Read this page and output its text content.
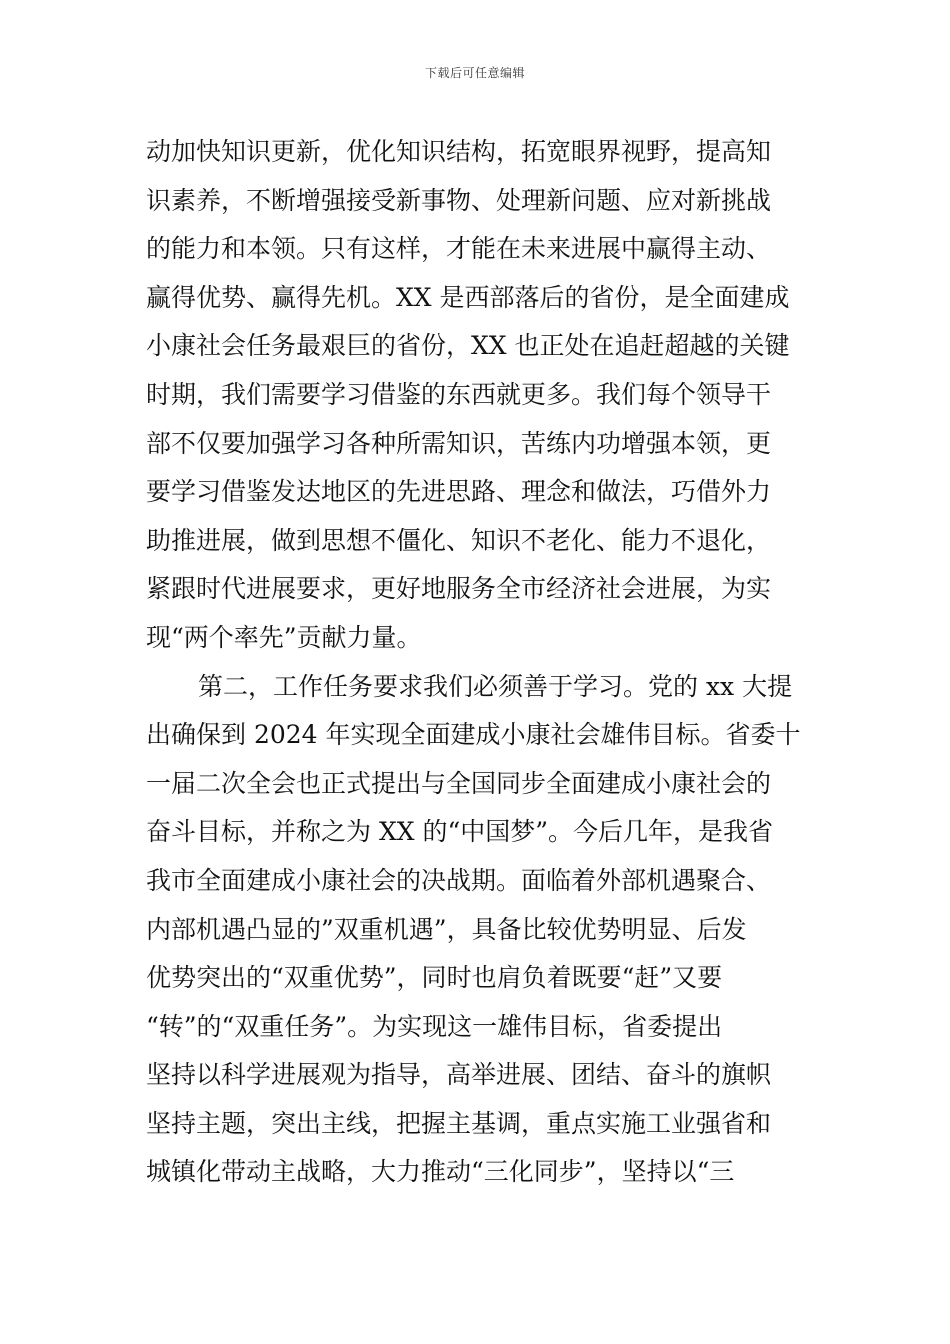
下载后可任意编辑
动加快知识更新，优化知识结构，拓宽眼界视野，提高知
识素养，不断增强接受新事物、处理新问题、应对新挑战
的能力和本领。只有这样，才能在未来进展中赢得主动、
赢得优势、赢得先机。XX 是西部落后的省份，是全面建成
小康社会任务最艰巨的省份，XX 也正处在追赶超越的关键
时期，我们需要学习借鉴的东西就更多。我们每个领导干
部不仅要加强学习各种所需知识，苦练内功增强本领，更
要学习借鉴发达地区的先进思路、理念和做法，巧借外力
助推进展，做到思想不僵化、知识不老化、能力不退化，
紧跟时代进展要求，更好地服务全市经济社会进展，为实
现“两个率先”贡献力量。
第二，工作任务要求我们必须善于学习。党的 xx 大提
出确保到 2024 年实现全面建成小康社会雄伟目标。省委十
一届二次全会也正式提出与全国同步全面建成小康社会的
奋斗目标，并称之为 XX 的“中国梦”。今后几年，是我省
我市全面建成小康社会的决战期。面临着外部机遇聚合、
内部机遇凸显的”双重机遇”，具备比较优势明显、后发
优势突出的“双重优势”，同时也肩负着既要“赶”又要
“转”的“双重任务”。为实现这一雄伟目标，省委提出
坚持以科学进展观为指导，高举进展、团结、奋斗的旗帜
坚持主题，突出主线，把握主基调，重点实施工业强省和
城镇化带动主战略，大力推动“三化同步”，坚持以“三
